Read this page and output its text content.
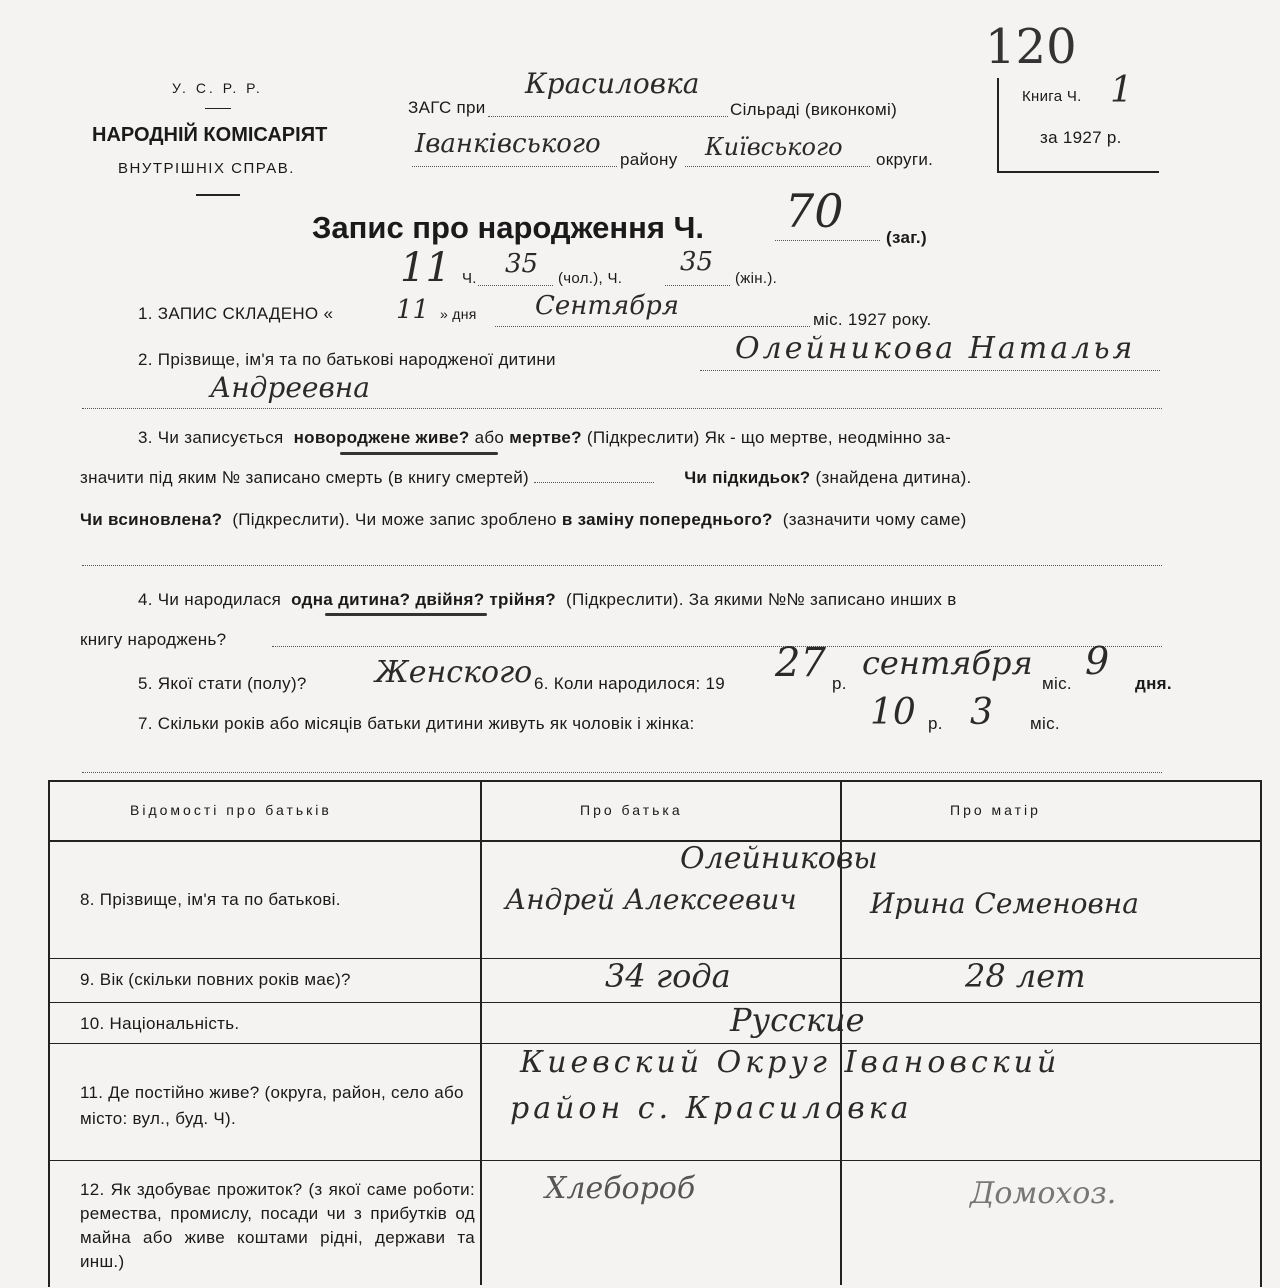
У. С. Р. Р.
НАРОДНІЙ КОМІСАРІЯТ
ВНУТРІШНІХ СПРАВ.
ЗАГС при
Красиловка
Сільраді (виконкомі)
Іванківського
району Київського округи.
120
Книга Ч. 1
за 1927 р.
Запис про народження Ч. 70 (заг.)
11 Ч. 35 (чол.), Ч.
35
(жін.).
1. ЗАПИС СКЛАДЕНО « 11 » дня Сентября	міс. 1927 року.
2. Прізвище, ім'я та по батькові народженої дитини	Олейникова Наталья
Андреевна
3. Чи записується новороджене живе? або мертве? (Підкреслити) Як - що мертве, неодмінно за-
значити під яким № записано смерть (в книгу смертей)	Чи підкидьок? (знайдена дитина).
Чи всиновлена? (Підкреслити). Чи може запис зроблено в заміну попереднього? (зазначити чому саме)
4. Чи народилася одна дитина? двійня? трійня? (Підкреслити). За якими №№ записано инших в
книгу народжень?
5. Якої стати (полу)? Женского 6. Коли народилося: 19 27 р.
сентября
міс.
9
дня.
7. Скільки років або місяців батьки дитини живуть як чоловік і жінка:	10 р. 3 міс.
Відомості про батьків	Про батька	Про матір
8. Прізвище, ім'я та по батькові.
Олейниковы
Андрей Алексеевич	Ирина Семеновна
9. Вік (скільки повних років має)?	34 года	28 лет
10. Національність.	Русские
11. Де постійно живе? (округа, район, село або місто: вул., буд. Ч).
Киевский Округ Івановский
район с. Красиловка
12. Як здобуває прожиток? (з якої саме роботи: ремества, промислу, посади чи з прибутків од майна або живе коштами рідні, держави та инш.)
Хлебороб	Домохоз.
